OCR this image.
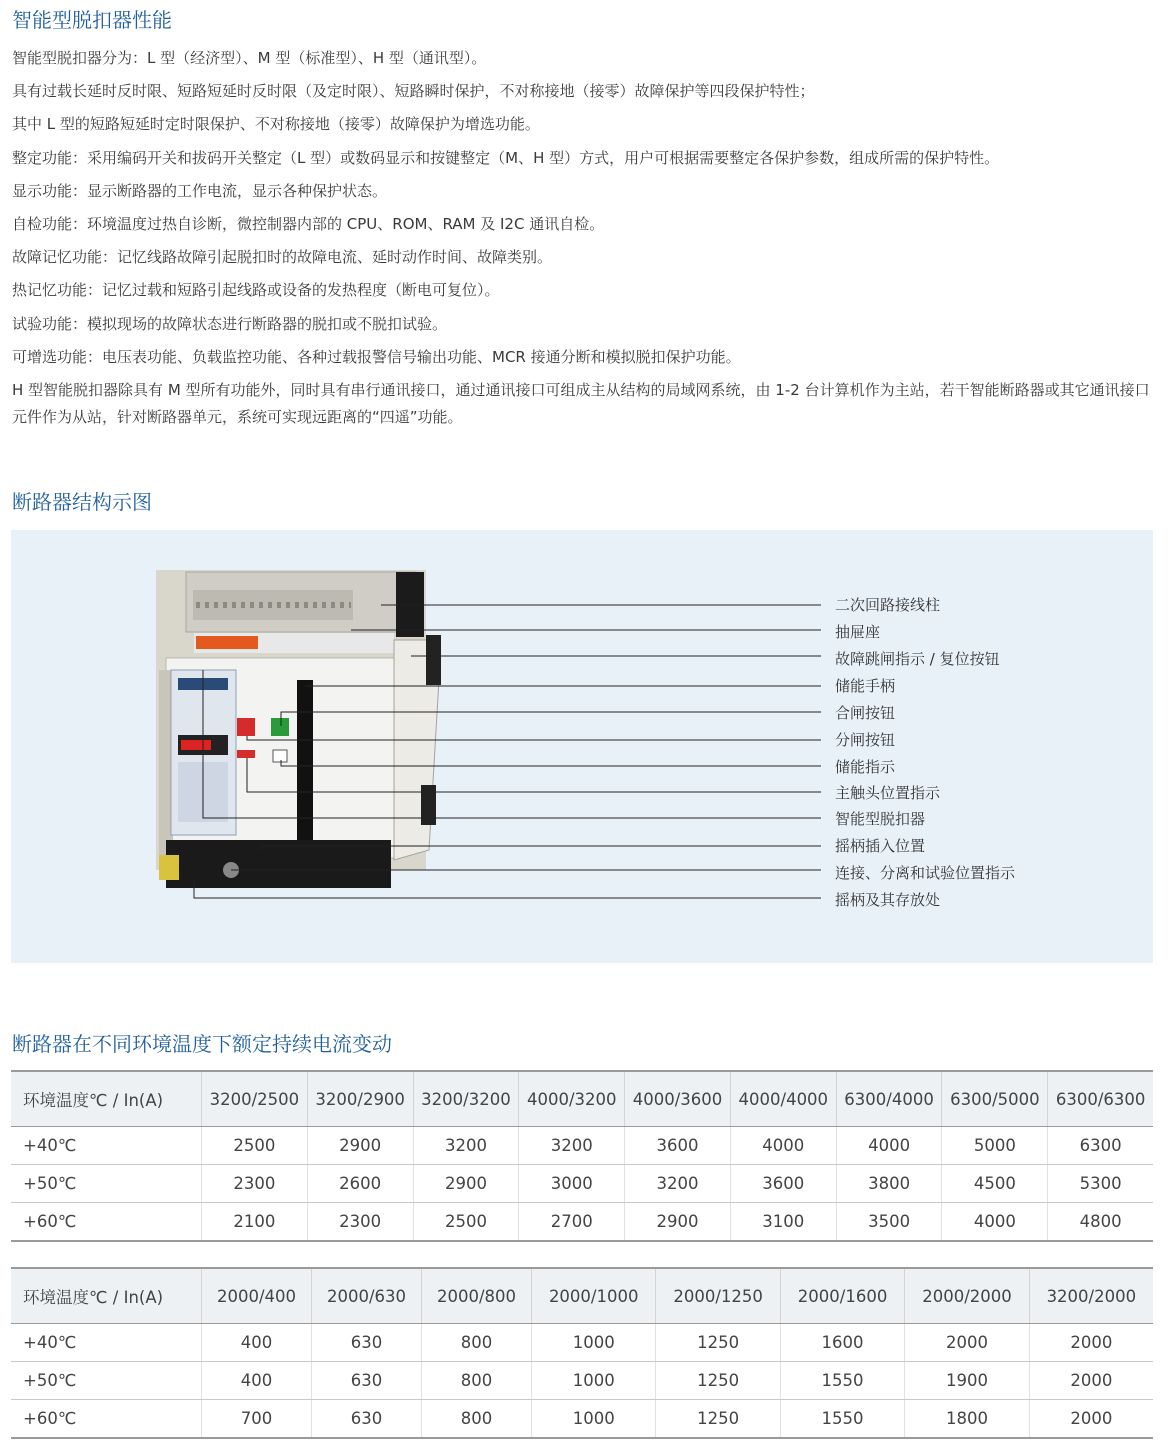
智能型脱扣器性能

智能型脱扣器分为：L 型（经济型）、M 型（标准型）、H 型（通讯型）。

具有过载长延时反时限、短路短延时反时限（及定时限）、短路瞬时保护，不对称接地（接零）故障保护等四段保护特性；

其中 L 型的短路短延时定时限保护、不对称接地（接零）故障保护为增选功能。

整定功能：采用编码开关和拔码开关整定（L 型）或数码显示和按键整定（M、H 型）方式，用户可根据需要整定各保护参数，组成所需的保护特性。

显示功能：显示断路器的工作电流，显示各种保护状态。

自检功能：环境温度过热自诊断，微控制器内部的 CPU、ROM、RAM 及 I2C 通讯自检。

故障记忆功能：记忆线路故障引起脱扣时的故障电流、延时动作时间、故障类别。

热记忆功能：记忆过载和短路引起线路或设备的发热程度（断电可复位）。

试验功能：模拟现场的故障状态进行断路器的脱扣或不脱扣试验。

可增选功能：电压表功能、负载监控功能、各种过载报警信号输出功能、MCR 接通分断和模拟脱扣保护功能。

H 型智能脱扣器除具有 M 型所有功能外，同时具有串行通讯接口，通过通讯接口可组成主从结构的局域网系统，由 1-2 台计算机作为主站，若干智能断路器或其它通讯接口元件作为从站，针对断路器单元，系统可实现远距离的“四遥”功能。

断路器结构示图
二次回路接线柱
抽屉座
故障跳闸指示 / 复位按钮
储能手柄
合闸按钮
分闸按钮
储能指示
主触头位置指示
智能型脱扣器
摇柄插入位置
连接、分离和试验位置指示
摇柄及其存放处
断路器在不同环境温度下额定持续电流变动
环境温度℃ / In(A)	3200/2500	3200/2900	3200/3200	4000/3200	4000/3600	4000/4000	6300/4000	6300/5000	6300/6300
+40℃	2500	2900	3200	3200	3600	4000	4000	5000	6300
+50℃	2300	2600	2900	3000	3200	3600	3800	4500	5300
+60℃	2100	2300	2500	2700	2900	3100	3500	4000	4800
环境温度℃ / In(A)	2000/400	2000/630	2000/800	2000/1000	2000/1250	2000/1600	2000/2000	3200/2000
+40℃	400	630	800	1000	1250	1600	2000	2000
+50℃	400	630	800	1000	1250	1550	1900	2000
+60℃	700	630	800	1000	1250	1550	1800	2000
